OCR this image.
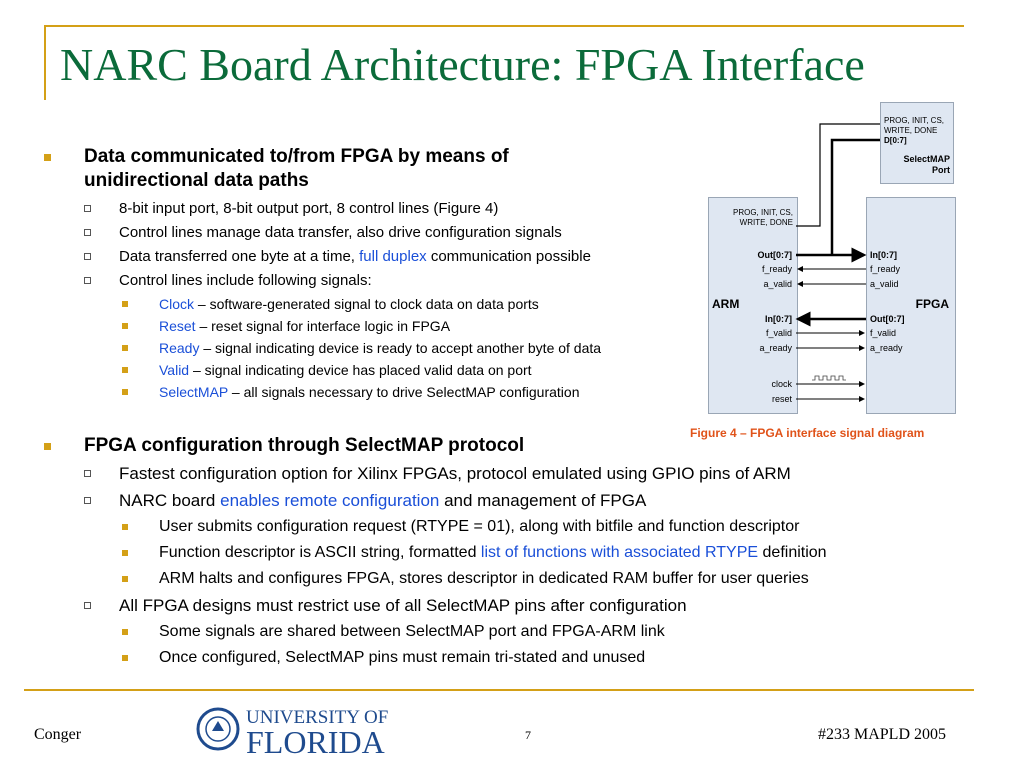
NARC Board Architecture: FPGA Interface
Data communicated to/from FPGA by means of
unidirectional data paths
8-bit input port, 8-bit output port, 8 control lines (Figure 4)
Control lines manage data transfer, also drive configuration signals
Data transferred one byte at a time, full duplex communication possible
Control lines include following signals:
Clock – software-generated signal to clock data on data ports
Reset – reset signal for interface logic in FPGA
Ready – signal indicating device is ready to accept another byte of data
Valid – signal indicating device has placed valid data on port
SelectMAP – all signals necessary to drive SelectMAP configuration
FPGA configuration through SelectMAP protocol
Fastest configuration option for Xilinx FPGAs, protocol emulated using GPIO pins of ARM
NARC board enables remote configuration and management of FPGA
User submits configuration request (RTYPE = 01), along with bitfile and function descriptor
Function descriptor is ASCII string, formatted list of functions with associated RTYPE definition
ARM halts and configures FPGA, stores descriptor in dedicated RAM buffer for user queries
All FPGA designs must restrict use of all SelectMAP pins after configuration
Some signals are shared between SelectMAP port and FPGA-ARM link
Once configured, SelectMAP pins must remain tri-stated and unused
PROG, INIT, CS,
WRITE, DONE
D[0:7]
SelectMAP
Port
PROG, INIT, CS,
WRITE, DONE
ARM	FPGA
Out[0:7]
f_ready
a_valid
In[0:7]
f_valid
a_ready
clock
reset
In[0:7]
f_ready
a_valid
Out[0:7]
f_valid
a_ready
Figure 4 – FPGA interface signal diagram
Conger
UNIVERSITY OF
FLORIDA	7	#233 MAPLD 2005
